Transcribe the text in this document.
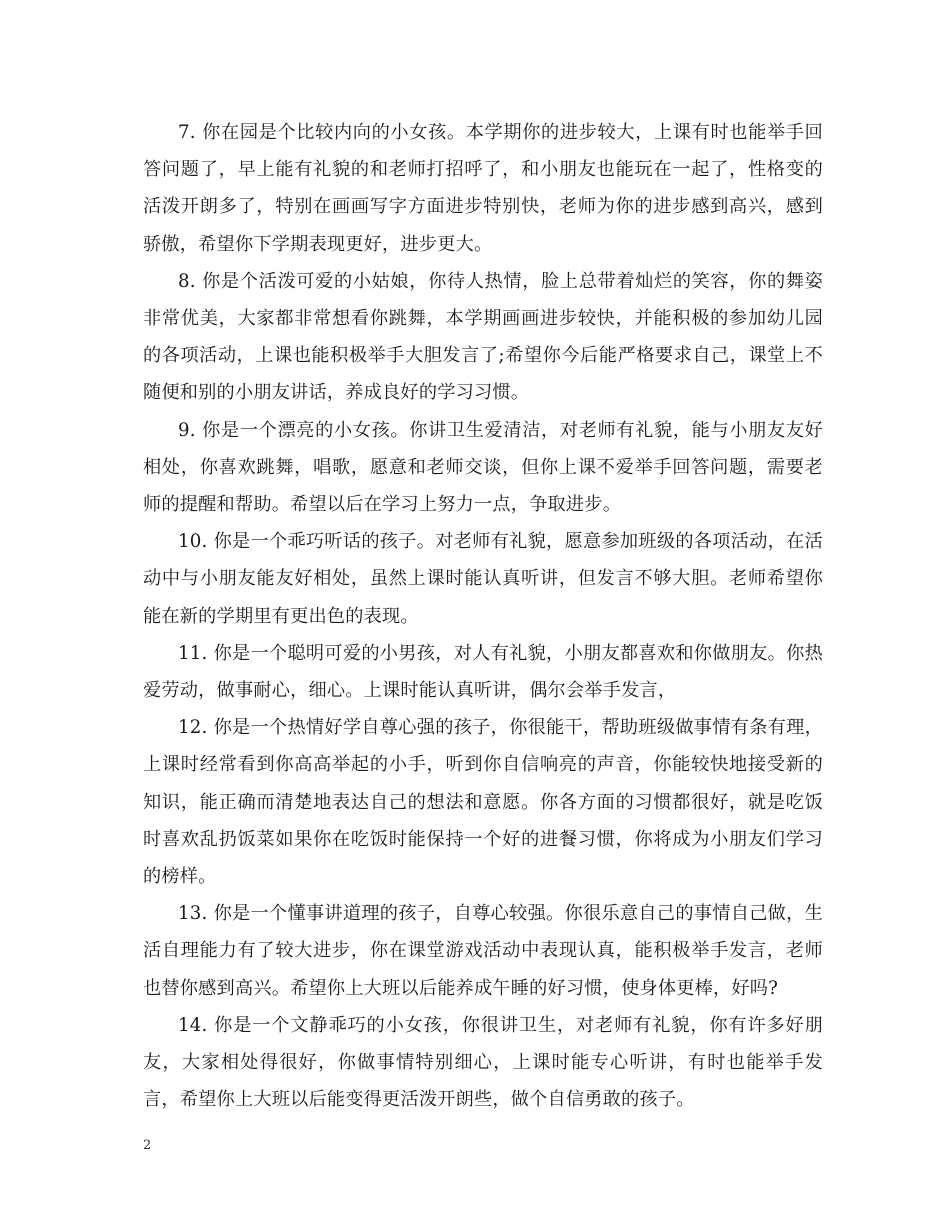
7. 你在园是个比较内向的小女孩。本学期你的进步较大，上课有时也能举手回答问题了，早上能有礼貌的和老师打招呼了，和小朋友也能玩在一起了，性格变的活泼开朗多了，特别在画画写字方面进步特别快，老师为你的进步感到高兴，感到骄傲，希望你下学期表现更好，进步更大。

8. 你是个活泼可爱的小姑娘，你待人热情，脸上总带着灿烂的笑容，你的舞姿非常优美，大家都非常想看你跳舞，本学期画画进步较快，并能积极的参加幼儿园的各项活动，上课也能积极举手大胆发言了;希望你今后能严格要求自己，课堂上不随便和别的小朋友讲话，养成良好的学习习惯。

9. 你是一个漂亮的小女孩。你讲卫生爱清洁，对老师有礼貌，能与小朋友友好相处，你喜欢跳舞，唱歌，愿意和老师交谈，但你上课不爱举手回答问题，需要老师的提醒和帮助。希望以后在学习上努力一点，争取进步。

10. 你是一个乖巧听话的孩子。对老师有礼貌，愿意参加班级的各项活动，在活动中与小朋友能友好相处，虽然上课时能认真听讲，但发言不够大胆。老师希望你能在新的学期里有更出色的表现。

11. 你是一个聪明可爱的小男孩，对人有礼貌，小朋友都喜欢和你做朋友。你热爱劳动，做事耐心，细心。上课时能认真听讲，偶尔会举手发言，

12. 你是一个热情好学自尊心强的孩子，你很能干，帮助班级做事情有条有理，上课时经常看到你高高举起的小手，听到你自信响亮的声音，你能较快地接受新的知识，能正确而清楚地表达自己的想法和意愿。你各方面的习惯都很好，就是吃饭时喜欢乱扔饭菜如果你在吃饭时能保持一个好的进餐习惯，你将成为小朋友们学习的榜样。

13. 你是一个懂事讲道理的孩子，自尊心较强。你很乐意自己的事情自己做，生活自理能力有了较大进步，你在课堂游戏活动中表现认真，能积极举手发言，老师也替你感到高兴。希望你上大班以后能养成午睡的好习惯，使身体更棒，好吗?

14. 你是一个文静乖巧的小女孩，你很讲卫生，对老师有礼貌，你有许多好朋友，大家相处得很好，你做事情特别细心，上课时能专心听讲，有时也能举手发言，希望你上大班以后能变得更活泼开朗些，做个自信勇敢的孩子。

2
